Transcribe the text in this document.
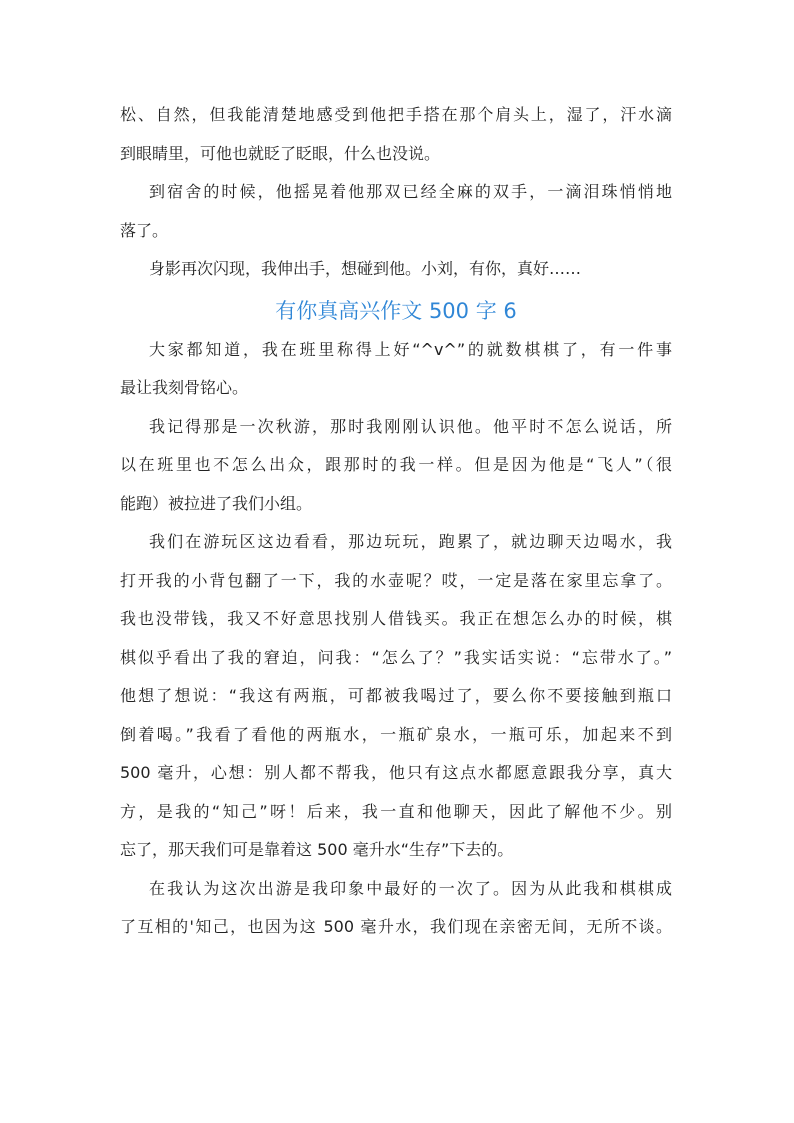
松、自然，但我能清楚地感受到他把手搭在那个肩头上，湿了，汗水滴
到眼睛里，可他也就眨了眨眼，什么也没说。
到宿舍的时候，他摇晃着他那双已经全麻的双手，一滴泪珠悄悄地
落了。
身影再次闪现，我伸出手，想碰到他。小刘，有你，真好……
有你真高兴作文 500 字 6
大家都知道，我在班里称得上好“^v^”的就数棋棋了，有一件事
最让我刻骨铭心。
我记得那是一次秋游，那时我刚刚认识他。他平时不怎么说话，所
以在班里也不怎么出众，跟那时的我一样。但是因为他是“飞人”（很
能跑）被拉进了我们小组。
我们在游玩区这边看看，那边玩玩，跑累了，就边聊天边喝水，我
打开我的小背包翻了一下，我的水壶呢？哎，一定是落在家里忘拿了。
我也没带钱，我又不好意思找别人借钱买。我正在想怎么办的时候，棋
棋似乎看出了我的窘迫，问我：“怎么了？”我实话实说：“忘带水了。”
他想了想说：“我这有两瓶，可都被我喝过了，要么你不要接触到瓶口
倒着喝。”我看了看他的两瓶水，一瓶矿泉水，一瓶可乐，加起来不到
500 毫升，心想：别人都不帮我，他只有这点水都愿意跟我分享，真大
方，是我的“知己”呀！后来，我一直和他聊天，因此了解他不少。别
忘了，那天我们可是靠着这 500 毫升水“生存”下去的。
在我认为这次出游是我印象中最好的一次了。因为从此我和棋棋成
了互相的'知己，也因为这 500 毫升水，我们现在亲密无间，无所不谈。
